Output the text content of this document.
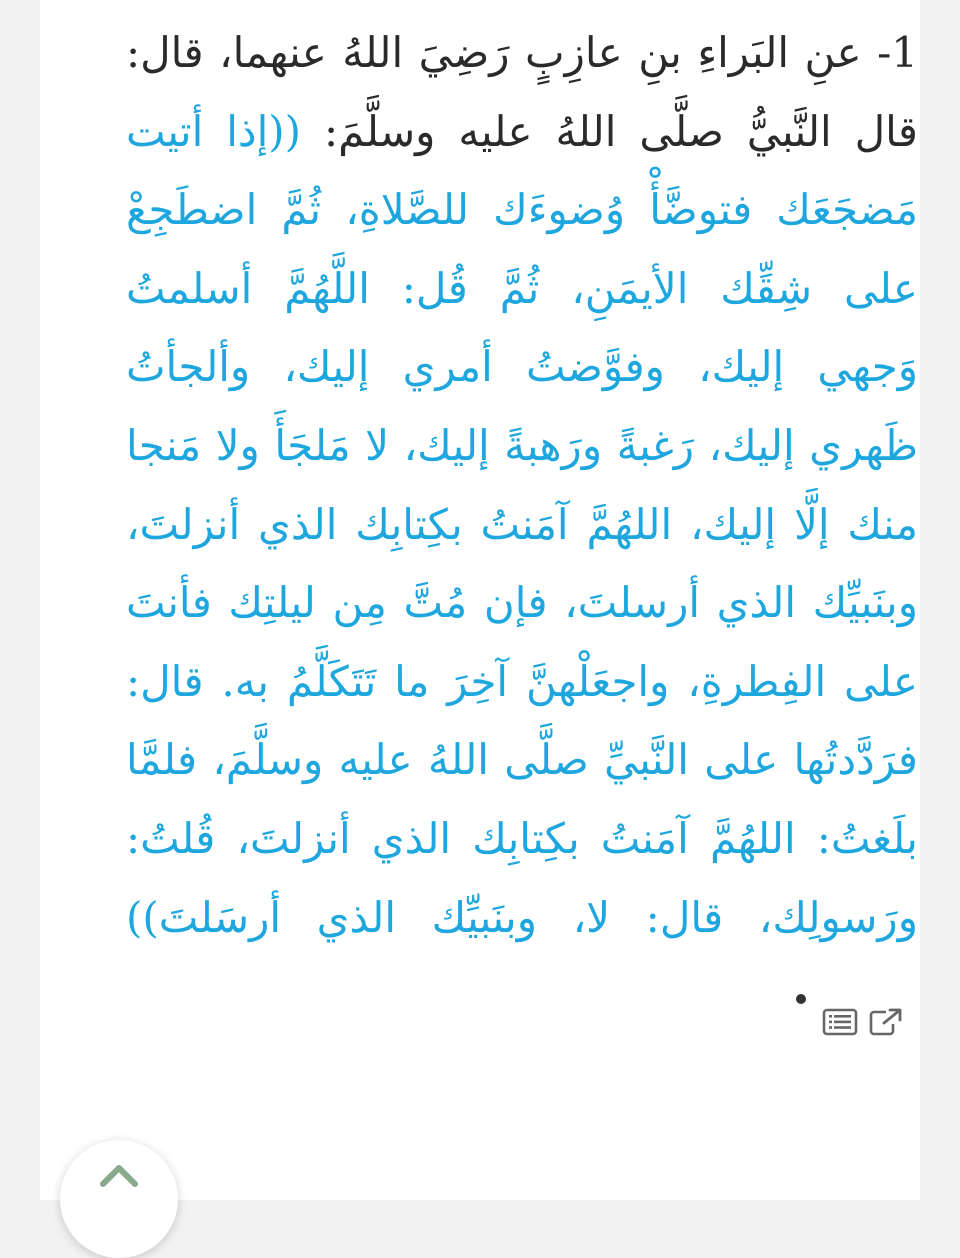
1- عنِ البَراءِ بنِ عازِبٍ رَضِيَ اللهُ عنهما، قال: قال النَّبيُّ صلَّى اللهُ عليه وسلَّمَ: ((إذا أتيت مَضجَعَك فتوضَّأْ وُضوءَك للصَّلاةِ، ثُمَّ اضطَجِعْ على شِقِّك الأيمَنِ، ثُمَّ قُل: اللَّهُمَّ أسلمتُ وَجهي إليك، وفوَّضتُ أمري إليك، وألجأتُ ظَهري إليك، رَغبةً ورَهبةً إليك، لا مَلجَأَ ولا مَنجا منك إلَّا إليك، اللهُمَّ آمَنتُ بكِتابِك الذي أنزلتَ، وبنَبيِّك الذي أرسلتَ، فإن مُتَّ مِن ليلتِك فأنتَ على الفِطرةِ، واجعَلْهنَّ آخِرَ ما تَتَكَلَّمُ به. قال: فرَدَّدتُها على النَّبيِّ صلَّى اللهُ عليه وسلَّمَ، فلمَّا بلَغتُ: اللهُمَّ آمَنتُ بكِتابِك الذي أنزلتَ، قُلتُ: ورَسولِك، قال: لا، وبنَبيِّك الذي أرسَلتَ))
